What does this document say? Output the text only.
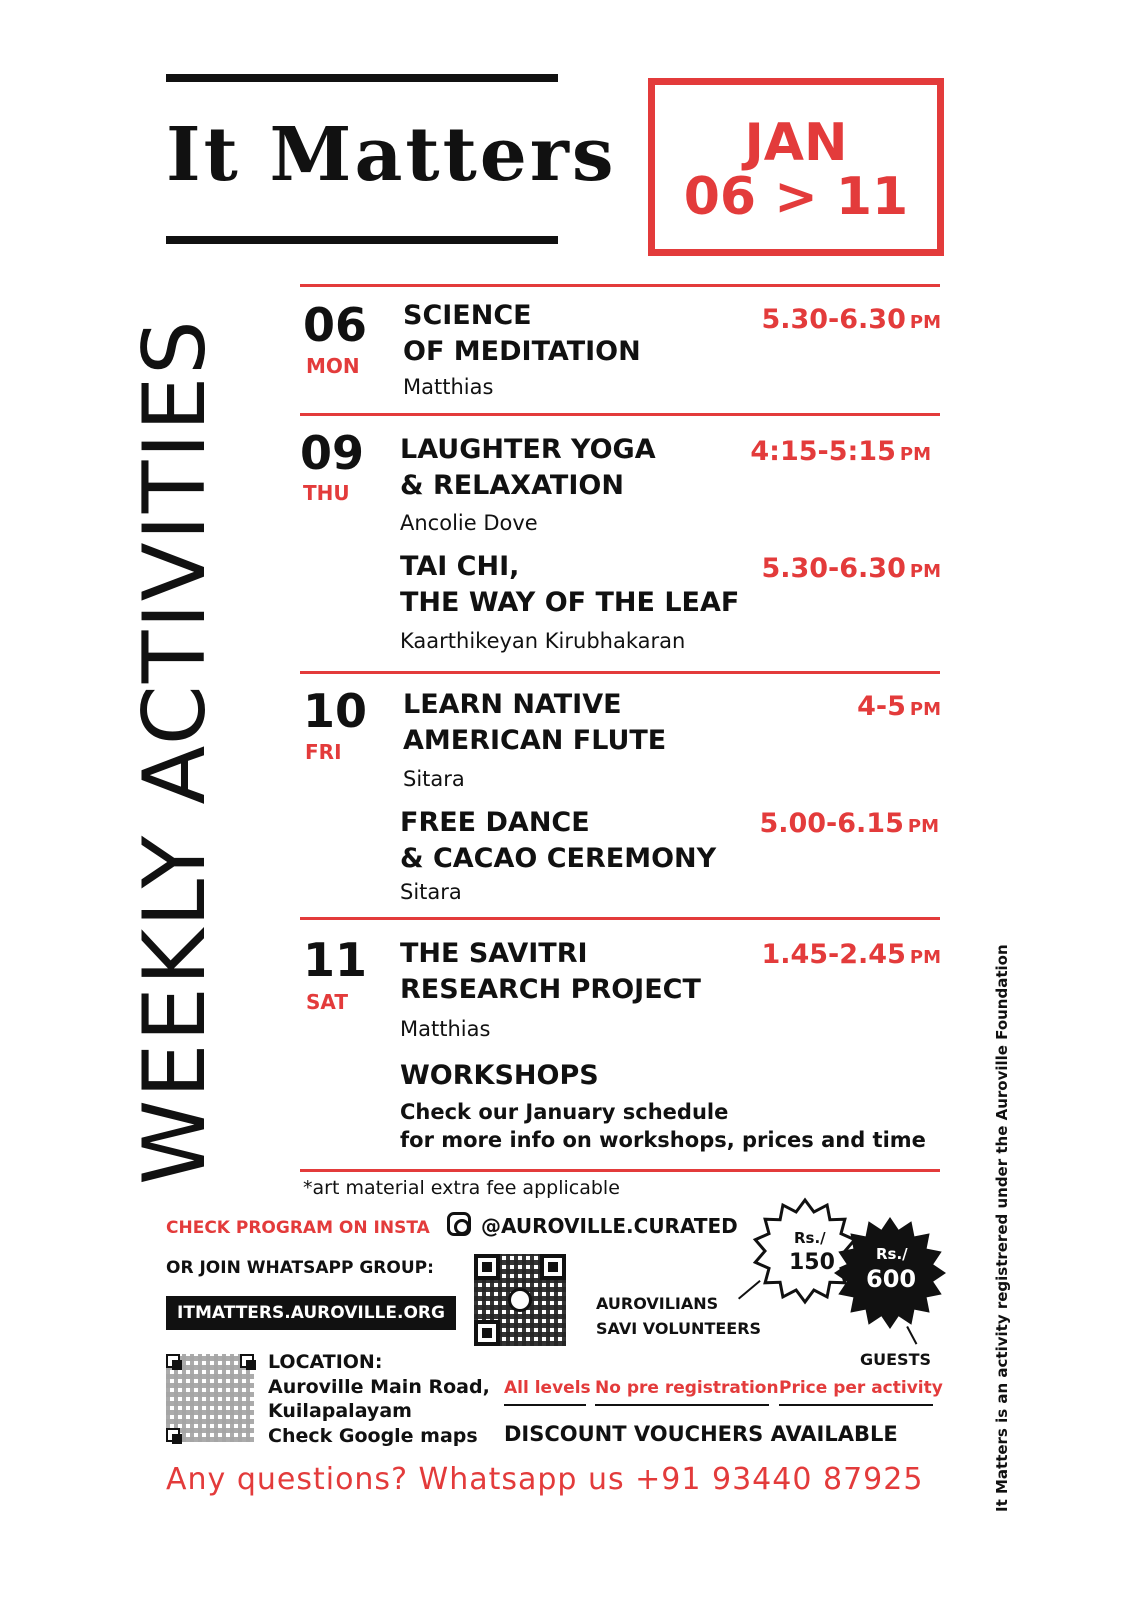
It Matters	JAN
06 > 11
WEEKLY ACTIVITIES
It Matters is an activity registrered under the Auroville Foundation
06
MON
SCIENCE
OF MEDITATION
Matthias
5.30-6.30 PM
09
THU
LAUGHTER YOGA
& RELAXATION
Ancolie Dove
4:15-5:15 PM
TAI CHI,
THE WAY OF THE LEAF
Kaarthikeyan Kirubhakaran
5.30-6.30 PM
10
FRI
LEARN NATIVE
AMERICAN FLUTE
Sitara
4-5 PM
FREE DANCE
& CACAO CEREMONY
Sitara
5.00-6.15 PM
11
SAT
THE SAVITRI
RESEARCH PROJECT
Matthias
1.45-2.45 PM
WORKSHOPS
Check our January schedule
for more info on workshops, prices and time
*art material extra fee applicable
CHECK PROGRAM ON INSTA	@AUROVILLE.CURATED
OR JOIN WHATSAPP GROUP:
ITMATTERS.AUROVILLE.ORG
Rs./
150	Rs./
600
AUROVILIANS
SAVI VOLUNTEERS
GUESTS
LOCATION:
Auroville Main Road,
Kuilapalayam
Check Google maps
All levels No pre registration Price per activity
DISCOUNT VOUCHERS AVAILABLE
Any questions? Whatsapp us +91 93440 87925
